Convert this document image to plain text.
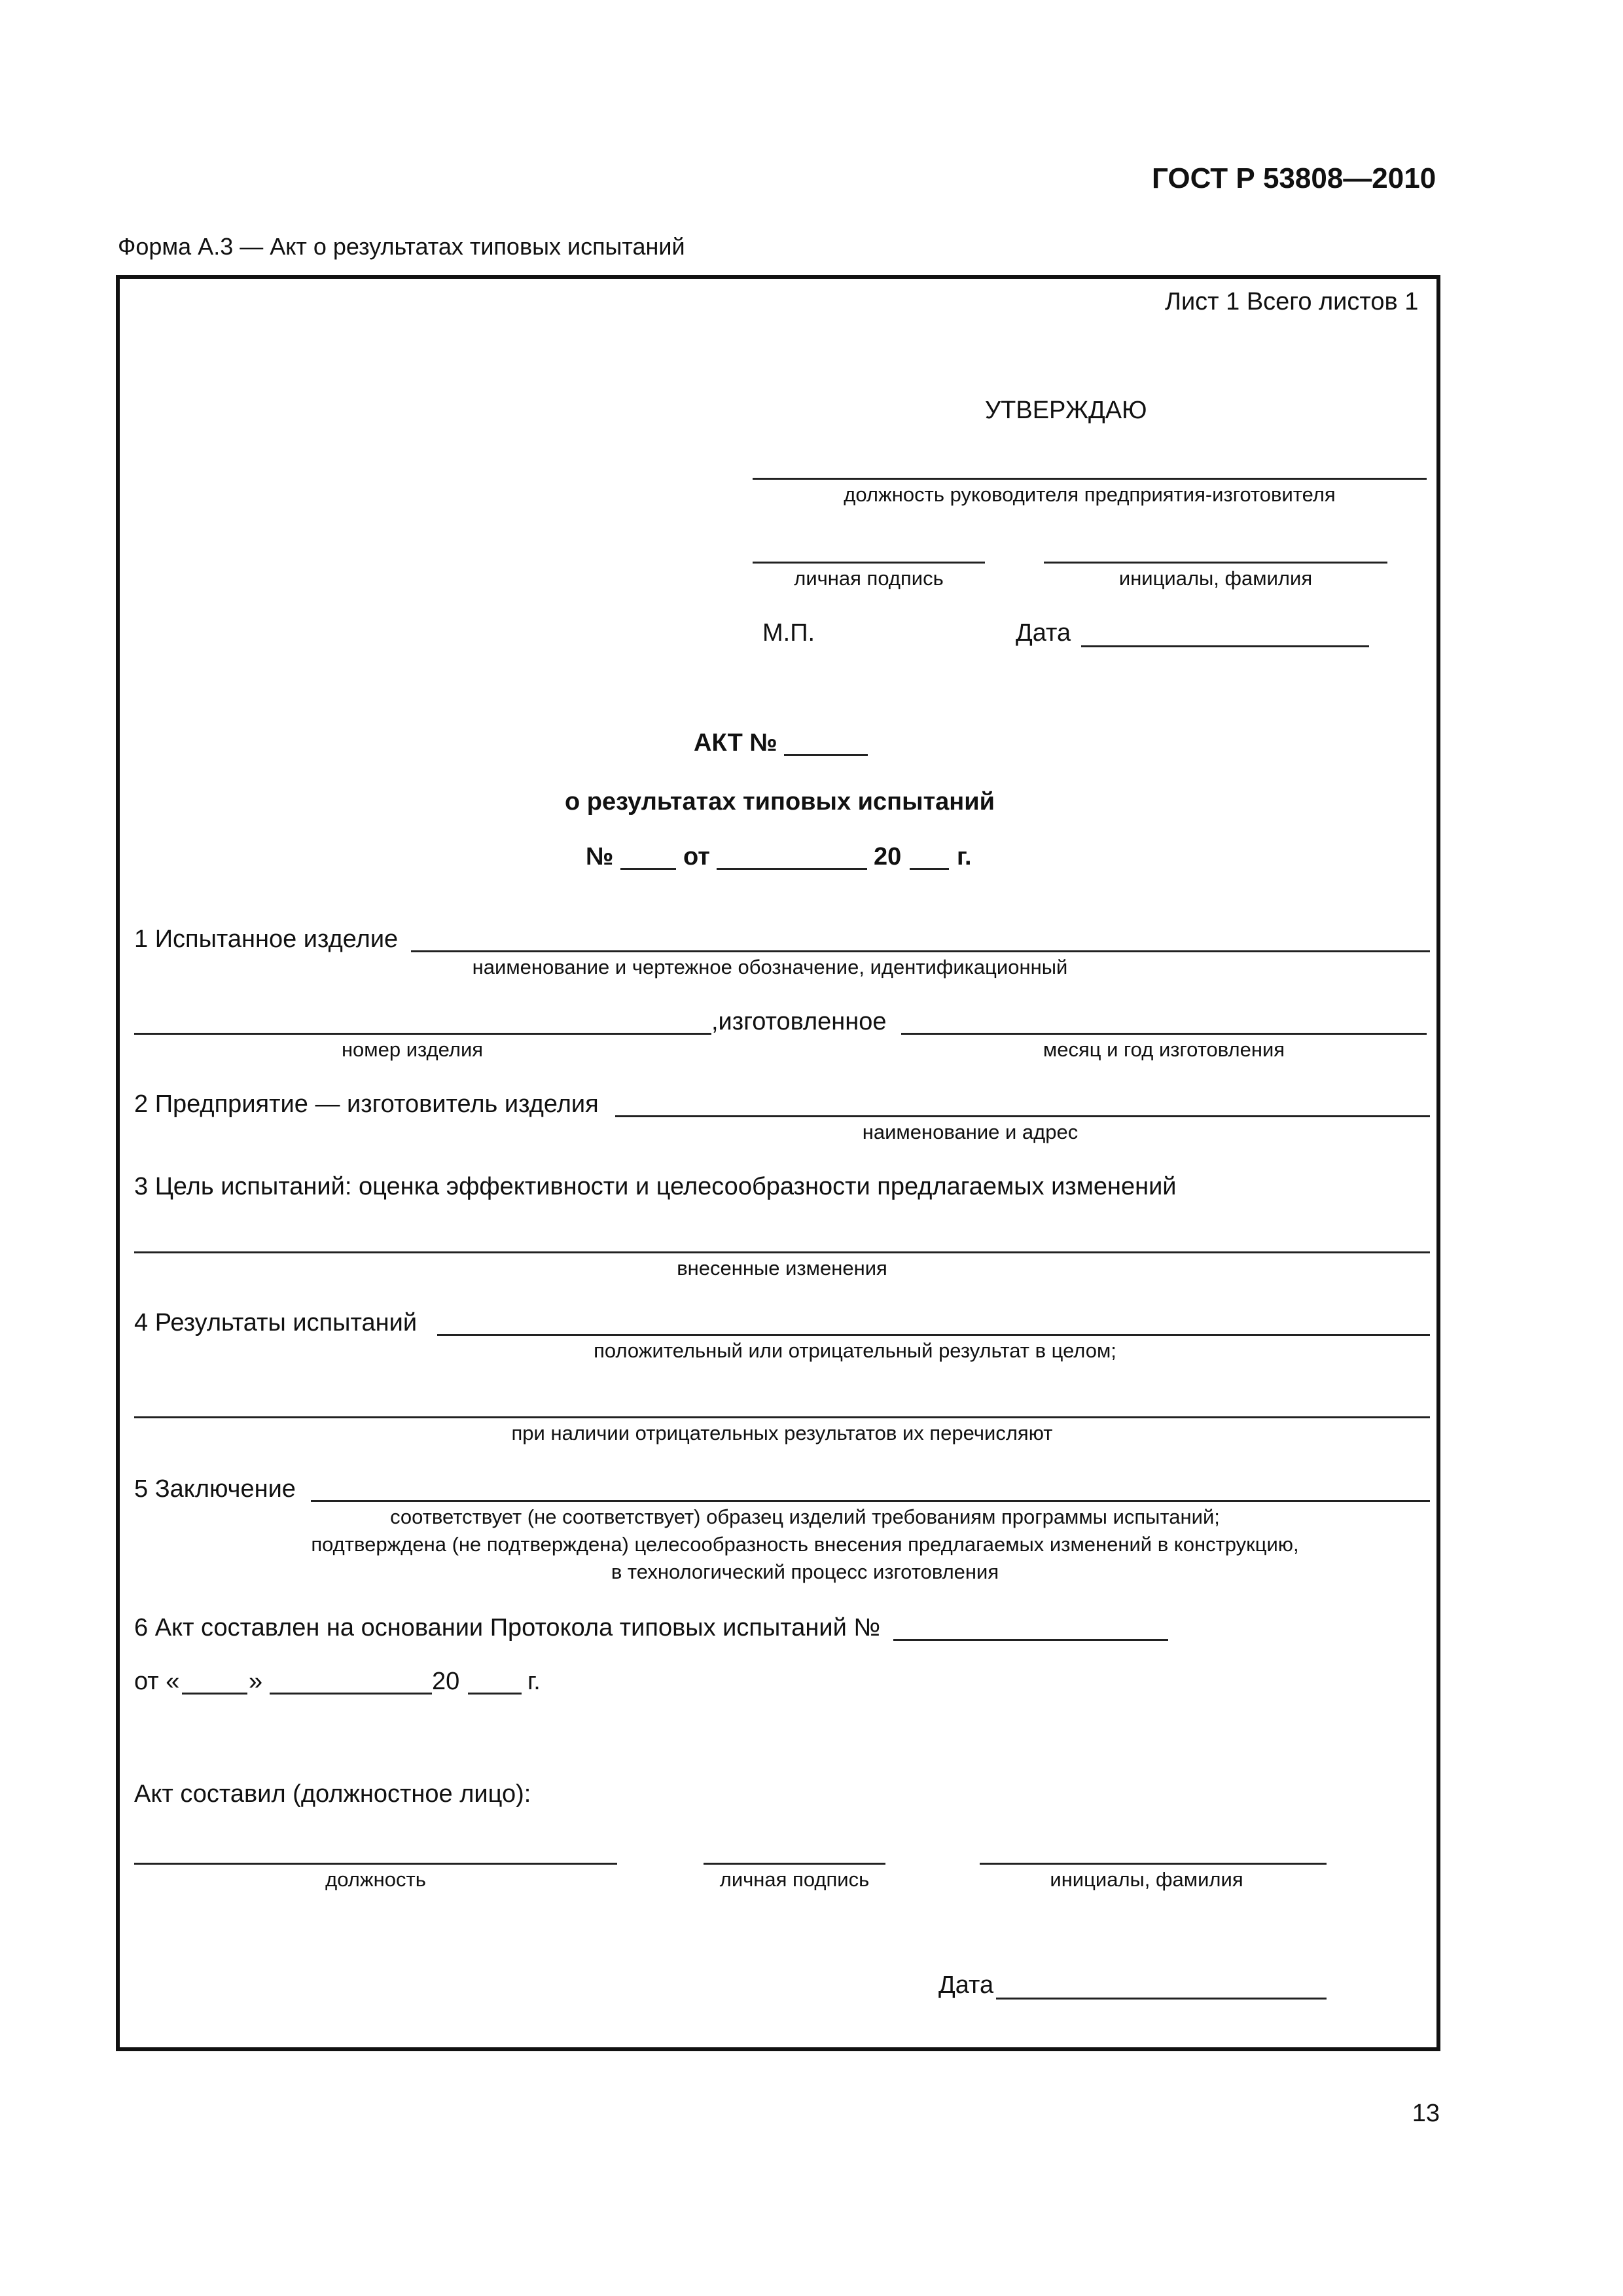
ГОСТ Р 53808—2010
Форма А.3 — Акт о результатах типовых испытаний
Лист 1 Всего листов 1
УТВЕРЖДАЮ
должность руководителя предприятия-изготовителя
личная подпись	инициалы, фамилия
М.П.	Дата
АКТ №
о результатах типовых испытаний
№	от	20 г.
1 Испытанное изделие
наименование и чертежное обозначение, идентификационный
,изготовленное
номер изделия	месяц и год изготовления
2 Предприятие — изготовитель изделия
наименование и адрес
3 Цель испытаний: оценка эффективности и целесообразности предлагаемых изменений
внесенные изменения
4 Результаты испытаний
положительный или отрицательный результат в целом;
при наличии отрицательных результатов их перечисляют
5 Заключение
соответствует (не соответствует) образец изделий требованиям программы испытаний;
подтверждена (не подтверждена) целесообразность внесения предлагаемых изменений в конструкцию,
в технологический процесс изготовления
6 Акт составлен на основании Протокола типовых испытаний №
от «	»	20	г.
Акт составил (должностное лицо):
должность	личная подпись	инициалы, фамилия
Дата
13
